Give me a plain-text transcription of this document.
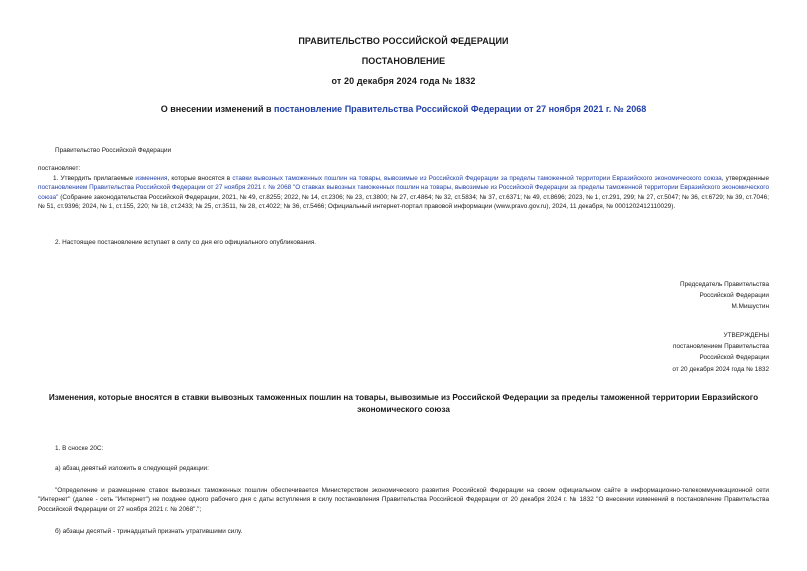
ПРАВИТЕЛЬСТВО РОССИЙСКОЙ ФЕДЕРАЦИИ
ПОСТАНОВЛЕНИЕ
от 20 декабря 2024 года № 1832
О внесении изменений в постановление Правительства Российской Федерации от 27 ноября 2021 г. № 2068
Правительство Российской Федерации
постановляет:
1. Утвердить прилагаемые изменения, которые вносятся в ставки вывозных таможенных пошлин на товары, вывозимые из Российской Федерации за пределы таможенной территории Евразийского экономического союза, утвержденные постановлением Правительства Российской Федерации от 27 ноября 2021 г. № 2068 "О ставках вывозных таможенных пошлин на товары, вывозимые из Российской Федерации за пределы таможенной территории Евразийского экономического союза" (Собрание законодательства Российской Федерации, 2021, № 49, ст.8255; 2022, № 14, ст.2306; № 23, ст.3800; № 27, ст.4864; № 32, ст.5834; № 37, ст.6371; № 49, ст.8696; 2023, № 1, ст.291, 299; № 27, ст.5047; № 36, ст.6729; № 39, ст.7046; № 51, ст.9396; 2024, № 1, ст.155, 220; № 18, ст.2433; № 25, ст.3511, № 28, ст.4022; № 36, ст.5466; Официальный интернет-портал правовой информации (www.pravo.gov.ru), 2024, 11 декабря, № 0001202412110029).
2. Настоящее постановление вступает в силу со дня его официального опубликования.
Председатель Правительства
Российской Федерации
М.Мишустин
УТВЕРЖДЕНЫ
постановлением Правительства
Российской Федерации
от 20 декабря 2024 года № 1832
Изменения, которые вносятся в ставки вывозных таможенных пошлин на товары, вывозимые из Российской Федерации за пределы таможенной территории Евразийского экономического союза
1. В сноске 20С:
а) абзац девятый изложить в следующей редакции:
"Определение и размещение ставок вывозных таможенных пошлин обеспечивается Министерством экономического развития Российской Федерации на своем официальном сайте в информационно-телекоммуникационной сети "Интернет" (далее - сеть "Интернет") не позднее одного рабочего дня с даты вступления в силу постановления Правительства Российской Федерации от 20 декабря 2024 г. № 1832 "О внесении изменений в постановление Правительства Российской Федерации от 27 ноября 2021 г. № 2068".";
б) абзацы десятый - тринадцатый признать утратившими силу.
